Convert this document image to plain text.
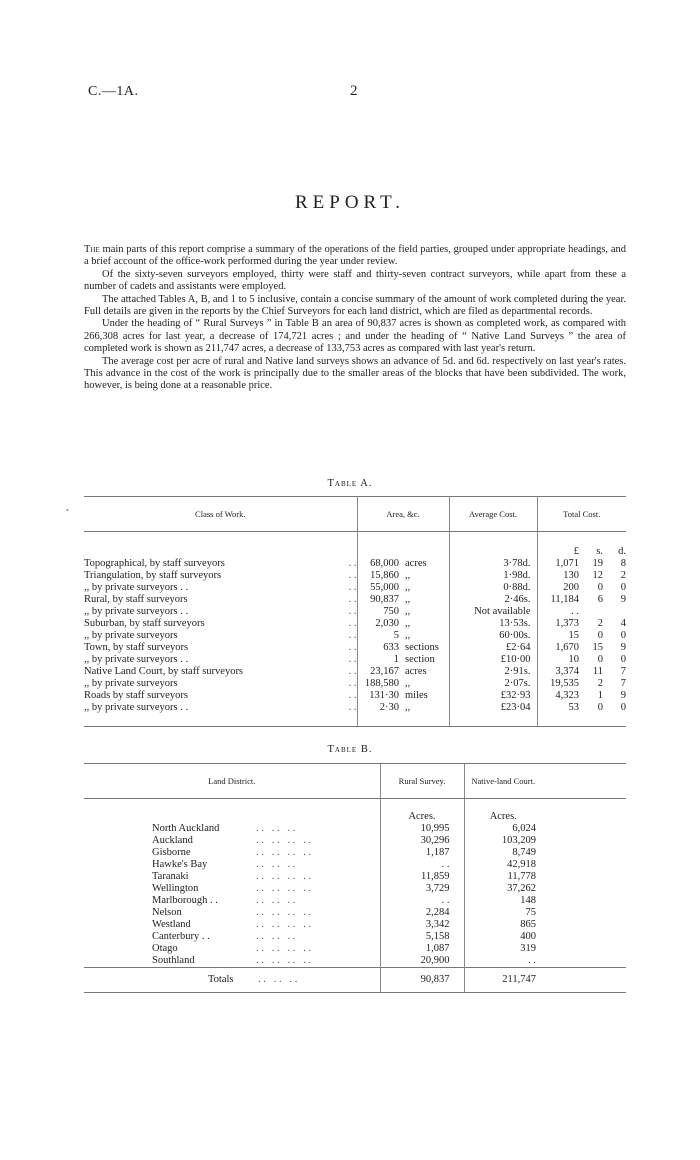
C.—1A.	2
REPORT.

The main parts of this report comprise a summary of the operations of the field parties, grouped under appropriate headings, and a brief account of the office-work performed during the year under review.

Of the sixty-seven surveyors employed, thirty were staff and thirty-seven contract surveyors, while apart from these a number of cadets and assistants were employed.

The attached Tables A, B, and 1 to 5 inclusive, contain a concise summary of the amount of work completed during the year. Full details are given in the reports by the Chief Surveyors for each land district, which are filed as departmental records.

Under the heading of “ Rural Surveys ” in Table B an area of 90,837 acres is shown as completed work, as compared with 266,308 acres for last year, a decrease of 174,721 acres ; and under the heading of “ Native Land Surveys ” the area of completed work is shown as 211,747 acres, a decrease of 133,753 acres as compared with last year's return.

The average cost per acre of rural and Native land surveys shows an advance of 5d. and 6d. respectively on last year's rates. This advance in the cost of the work is principally due to the smaller areas of the blocks that have been subdivided. The work, however, is being done at a reasonable price.

Table A.
Class of Work.		Area, &c.		Average Cost.	Total Cost.		

					£	s.	d.
Topographical, by staff surveyors	. .	68,000	acres	3·78d.	1,071	19	8
Triangulation, by staff surveyors	. .	15,860	,,	1·98d.	130	12	2
,, by private surveyors . .	. .	55,000	,,	0·88d.	200	0	0
Rural, by staff surveyors	. .	90,837	,,	2·46s.	11,184	6	9
,, by private surveyors . .	. .	750	,,	Not available	. .		
Suburban, by staff surveyors	. .	2,030	,,	13·53s.	1,373	2	4
,, by private surveyors	. .	5	,,	60·00s.	15	0	0
Town, by staff surveyors	. .	633	sections	£2·64	1,670	15	9
,, by private surveyors . .	. .	1	section	£10·00	10	0	0
Native Land Court, by staff surveyors	. .	23,167	acres	2·91s.	3,374	11	7
,, by private surveyors	. .	188,580	,,	2·07s.	19,535	2	7
Roads by staff surveyors	. .	131·30	miles	£32·93	4,323	1	9
,, by private surveyors . .	. .	2·30	,,	£23·04	53	0	0

Table B.
Land District.	Rural Survey.	Native-land Court.	

	Acres.	Acres.	
North Auckland . .   . .   . .	10,995	6,024	
Auckland . .   . .   . .   . .	30,296	103,209	
Gisborne . .   . .   . .   . .	1,187	8,749	
Hawke's Bay . .   . .   . .	. .	42,918	
Taranaki . .   . .   . .   . .	11,859	11,778	
Wellington . .   . .   . .   . .	3,729	37,262	
Marlborough . . . .   . .   . .	. .	148	
Nelson . .   . .   . .   . .	2,284	75	
Westland . .   . .   . .   . .	3,342	865	
Canterbury . . . .   . .   . .	5,158	400	
Otago . .   . .   . .   . .	1,087	319	
Southland . .   . .   . .   . .	20,900	. .	
Totals . .   . .   . .	90,837	211,747	
•
